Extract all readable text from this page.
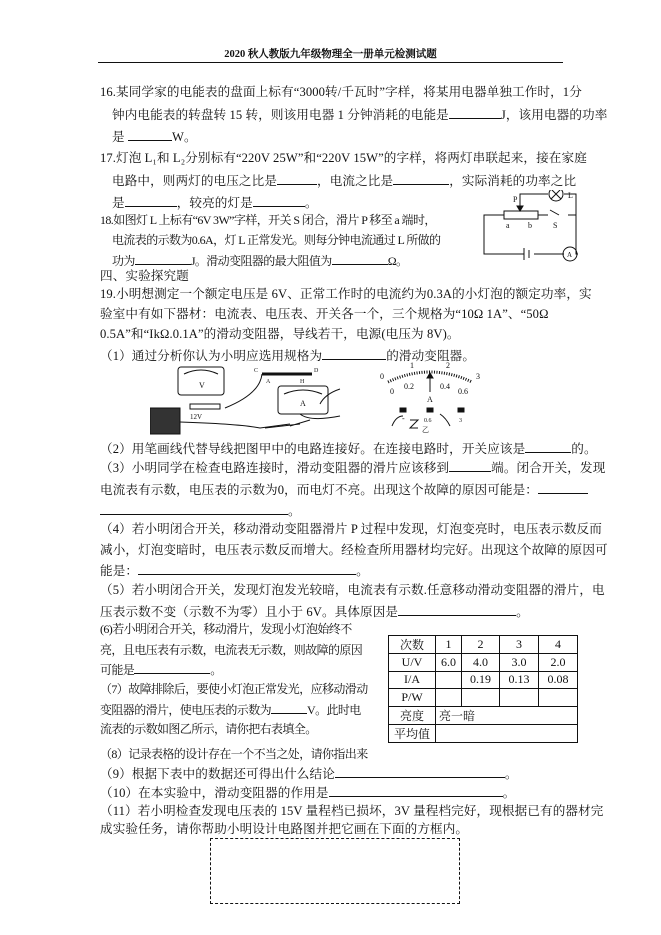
2020 秋人教版九年级物理全一册单元检测试题
16.某同学家的电能表的盘面上标有“3000转/千瓦时”字样，将某用电器单独工作时，1分
钟内电能表的转盘转 15 转，则该用电器 1 分钟消耗的电能是	J，该用电器的功率
是	W。
17.灯泡 L₁和 L₂分别标有“220V 25W”和“220V 15W”的字样，将两灯串联起来，接在家庭
电路中，则两灯的电压之比是	，电流之比是	，实际消耗的功率之比
是	，较亮的灯是	。
18.如图灯 L 上标有“6V 3W”字样，开关 S 闭合，滑片 P 移至 a 端时，
电流表的示数为0.6A，灯 L 正常发光。则每分钟电流通过 L 所做的
功为	J。滑动变阻器的最大阻值为	Ω。
P	L
a b	S
A
四、实验探究题
19.小明想测定一个额定电压是 6V、正常工作时的电流约为0.3A的小灯泡的额定功率，实
验室中有如下器材：电流表、电压表、开关各一个，三个规格为“10Ω 1A”、“50Ω
0.5A”和“IkΩ.0.1A”的滑动变阻器，导线若干，电源(电压为 8V)。
（1）通过分析你认为小明应选用规格为	的滑动变阻器。
V
A
12V
C	D
A	H
0
1	2
3
0
0.2	0.4
0.6
A
-	0.6	3
乙
（2）用笔画线代替导线把图甲中的电路连接好。在连接电路时，开关应该是	的。
（3）小明同学在检查电路连接时，滑动变阻器的滑片应该移到	端。闭合开关，发现
电流表有示数，电压表的示数为0，而电灯不亮。出现这个故障的原因可能是：
。
（4）若小明闭合开关，移动滑动变阻器滑片 P 过程中发现，灯泡变亮时，电压表示数反而
减小，灯泡变暗时，电压表示数反而增大。经检查所用器材均完好。出现这个故障的原因可
能是：	。
（5）若小明闭合开关，发现灯泡发光较暗，电流表有示数.任意移动滑动变阻器的滑片，电
压表示数不变（示数不为零）且小于 6V。具体原因是	。
(6)若小明闭合开关，移动滑片，发现小灯泡始终不
亮，且电压表有示数，电流表无示数，则故障的原因
可能是	。
（7）故障排除后，要使小灯泡正常发光，应移动滑动
变阻器的滑片，使电压表的示数为	V。此时电
流表的示数如图乙所示，请你把右表填全。
（8）记录表格的设计存在一个不当之处，请你指出来
（9）根据下表中的数据还可得出什么结论	。
（10）在本实验中，滑动变阻器的作用是	。
（11）若小明检查发现电压表的 15V 量程档已损坏，3V 量程档完好，现根据已有的器材完
成实验任务，请你帮助小明设计电路图并把它画在下面的方框内。
次数	1	2	3	4
U/V	6.0	4.0	3.0	2.0
I/A		0.19	0.13	0.08
P/W				
亮度	亮一暗			
平均值				
